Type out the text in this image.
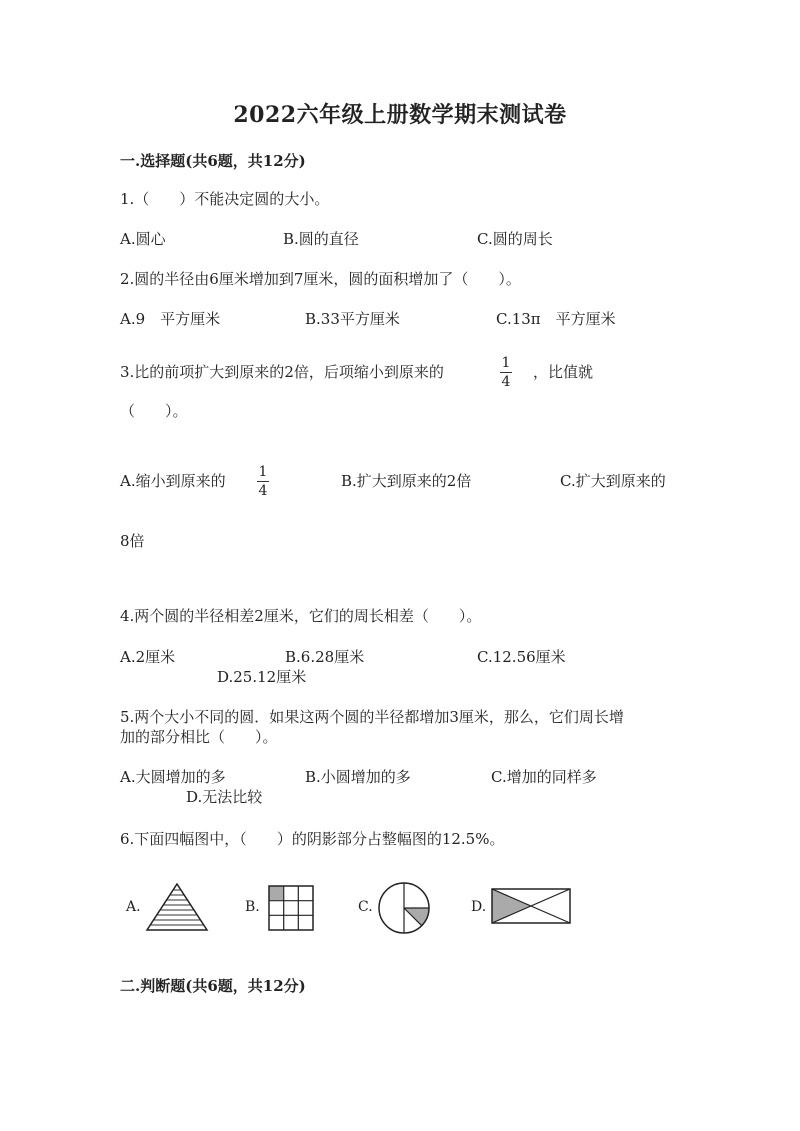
2022六年级上册数学期末测试卷
一.选择题(共6题，共12分)
1.（　　）不能决定圆的大小。
A.圆心	B.圆的直径	C.圆的周长
2.圆的半径由6厘米增加到7厘米，圆的面积增加了（　　）。
A.9　平方厘米	B.33平方厘米	C.13π　平方厘米
3.比的前项扩大到原来的2倍，后项缩小到原来的	1
4
，比值就
（　　）。
A.缩小到原来的	1
4
B.扩大到原来的2倍	C.扩大到原来的
8倍
4.两个圆的半径相差2厘米，它们的周长相差（　　）。
A.2厘米	B.6.28厘米	C.12.56厘米
D.25.12厘米
5.两个大小不同的圆．如果这两个圆的半径都增加3厘米，那么，它们周长增
加的部分相比（　　）。
A.大圆增加的多	B.小圆增加的多	C.增加的同样多
D.无法比较
6.下面四幅图中，（　　）的阴影部分占整幅图的12.5%。
A.	B.	C.	D.
二.判断题(共6题，共12分)
